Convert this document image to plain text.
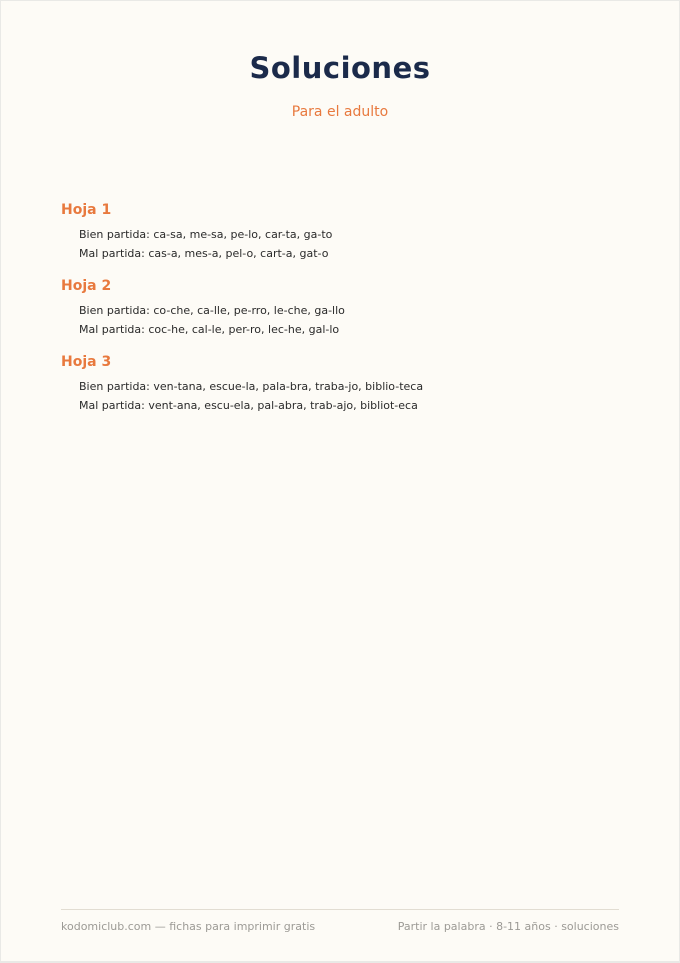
Soluciones
Para el adulto
Hoja 1
Bien partida: ca-sa, me-sa, pe-lo, car-ta, ga-to
Mal partida: cas-a, mes-a, pel-o, cart-a, gat-o
Hoja 2
Bien partida: co-che, ca-lle, pe-rro, le-che, ga-llo
Mal partida: coc-he, cal-le, per-ro, lec-he, gal-lo
Hoja 3
Bien partida: ven-tana, escue-la, pala-bra, traba-jo, biblio-teca
Mal partida: vent-ana, escu-ela, pal-abra, trab-ajo, bibliot-eca
kodomiclub.com — fichas para imprimir gratis	Partir la palabra · 8-11 años · soluciones
